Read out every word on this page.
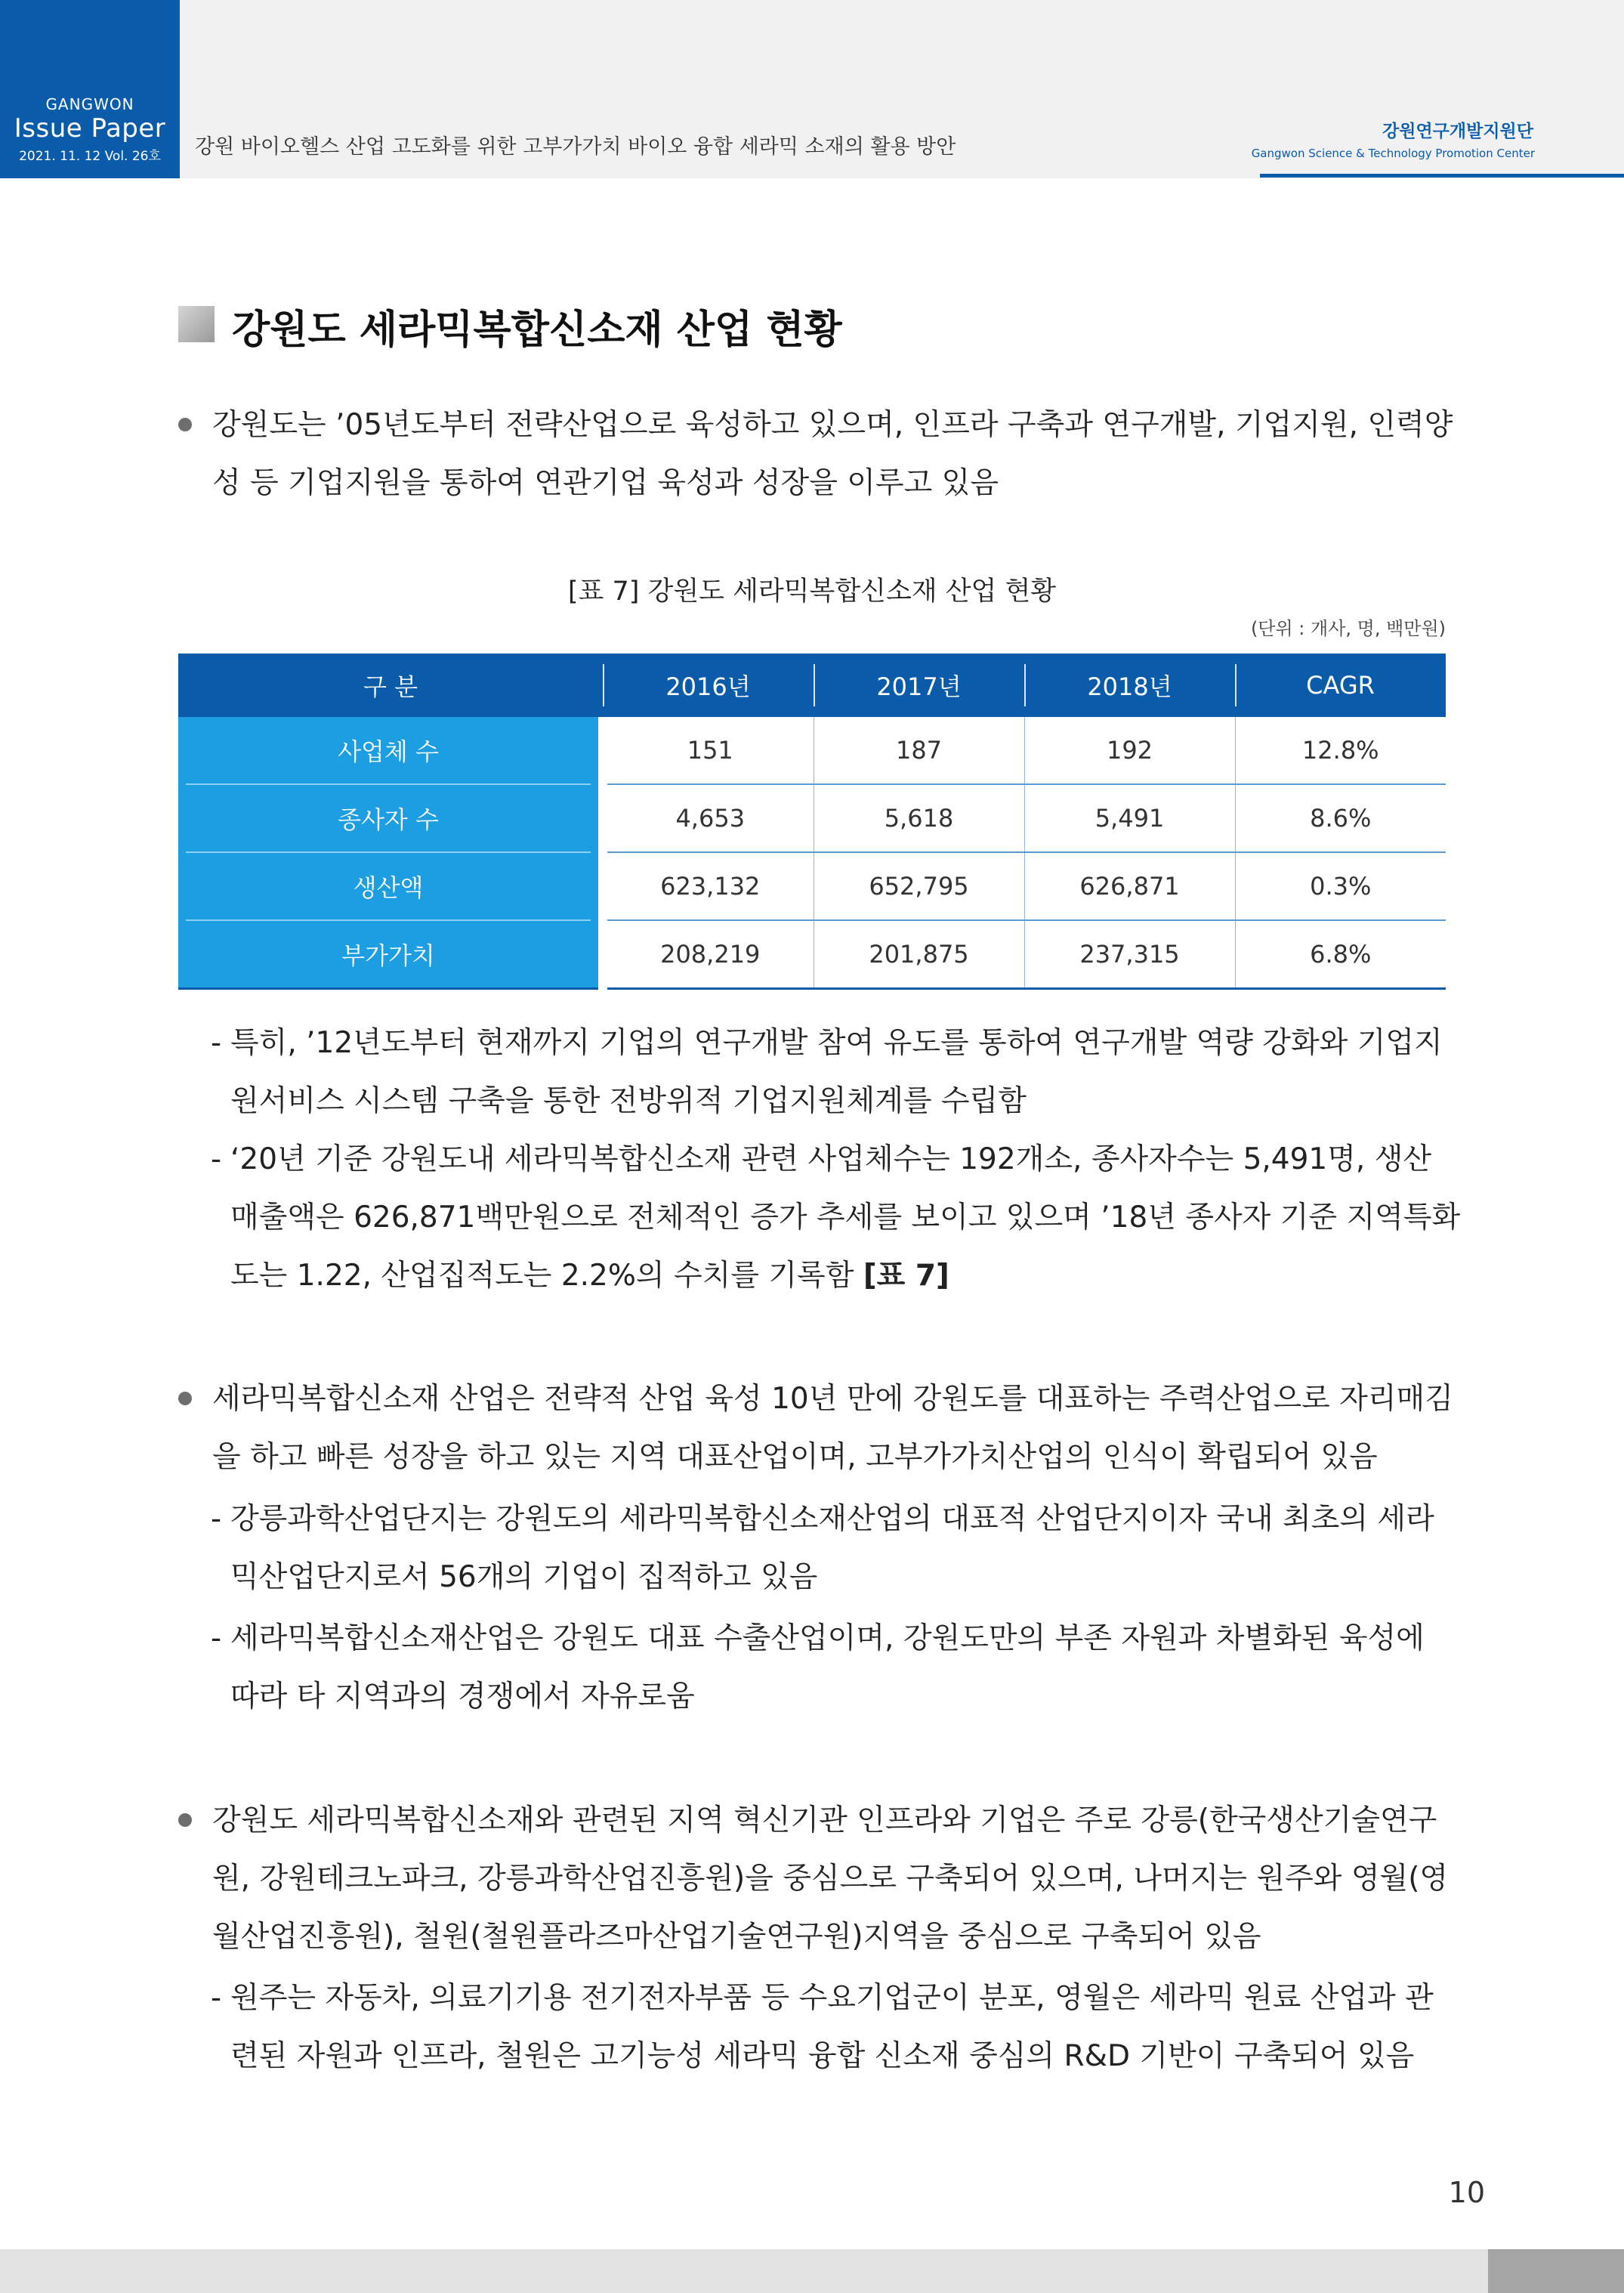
GANGWON
Issue Paper
2021. 11. 12 Vol. 26호	강원 바이오헬스 산업 고도화를 위한 고부가가치 바이오 융합 세라믹 소재의 활용 방안
강원연구개발지원단
Gangwon Science & Technology Promotion Center
강원도 세라믹복합신소재 산업 현황
강원도는 ’05년도부터 전략산업으로 육성하고 있으며, 인프라 구축과 연구개발, 기업지원, 인력양
성 등 기업지원을 통하여 연관기업 육성과 성장을 이루고 있음
[표 7] 강원도 세라믹복합신소재 산업 현황
(단위 : 개사, 명, 백만원)
구 분	2016년	2017년	2018년	CAGR
사업체 수	151	187	192	12.8%
종사자 수	4,653	5,618	5,491	8.6%
생산액	623,132	652,795	626,871	0.3%
부가가치	208,219	201,875	237,315	6.8%
- 특히, ’12년도부터 현재까지 기업의 연구개발 참여 유도를 통하여 연구개발 역량 강화와 기업지
원서비스 시스템 구축을 통한 전방위적 기업지원체계를 수립함
- ‘20년 기준 강원도내 세라믹복합신소재 관련 사업체수는 192개소, 종사자수는 5,491명, 생산
매출액은 626,871백만원으로 전체적인 증가 추세를 보이고 있으며 ’18년 종사자 기준 지역특화
도는 1.22, 산업집적도는 2.2%의 수치를 기록함 [표 7]
세라믹복합신소재 산업은 전략적 산업 육성 10년 만에 강원도를 대표하는 주력산업으로 자리매김
을 하고 빠른 성장을 하고 있는 지역 대표산업이며, 고부가가치산업의 인식이 확립되어 있음
- 강릉과학산업단지는 강원도의 세라믹복합신소재산업의 대표적 산업단지이자 국내 최초의 세라
믹산업단지로서 56개의 기업이 집적하고 있음
- 세라믹복합신소재산업은 강원도 대표 수출산업이며, 강원도만의 부존 자원과 차별화된 육성에
따라 타 지역과의 경쟁에서 자유로움
강원도 세라믹복합신소재와 관련된 지역 혁신기관 인프라와 기업은 주로 강릉(한국생산기술연구
원, 강원테크노파크, 강릉과학산업진흥원)을 중심으로 구축되어 있으며, 나머지는 원주와 영월(영
월산업진흥원), 철원(철원플라즈마산업기술연구원)지역을 중심으로 구축되어 있음
- 원주는 자동차, 의료기기용 전기전자부품 등 수요기업군이 분포, 영월은 세라믹 원료 산업과 관
련된 자원과 인프라, 철원은 고기능성 세라믹 융합 신소재 중심의 R&D 기반이 구축되어 있음
10
